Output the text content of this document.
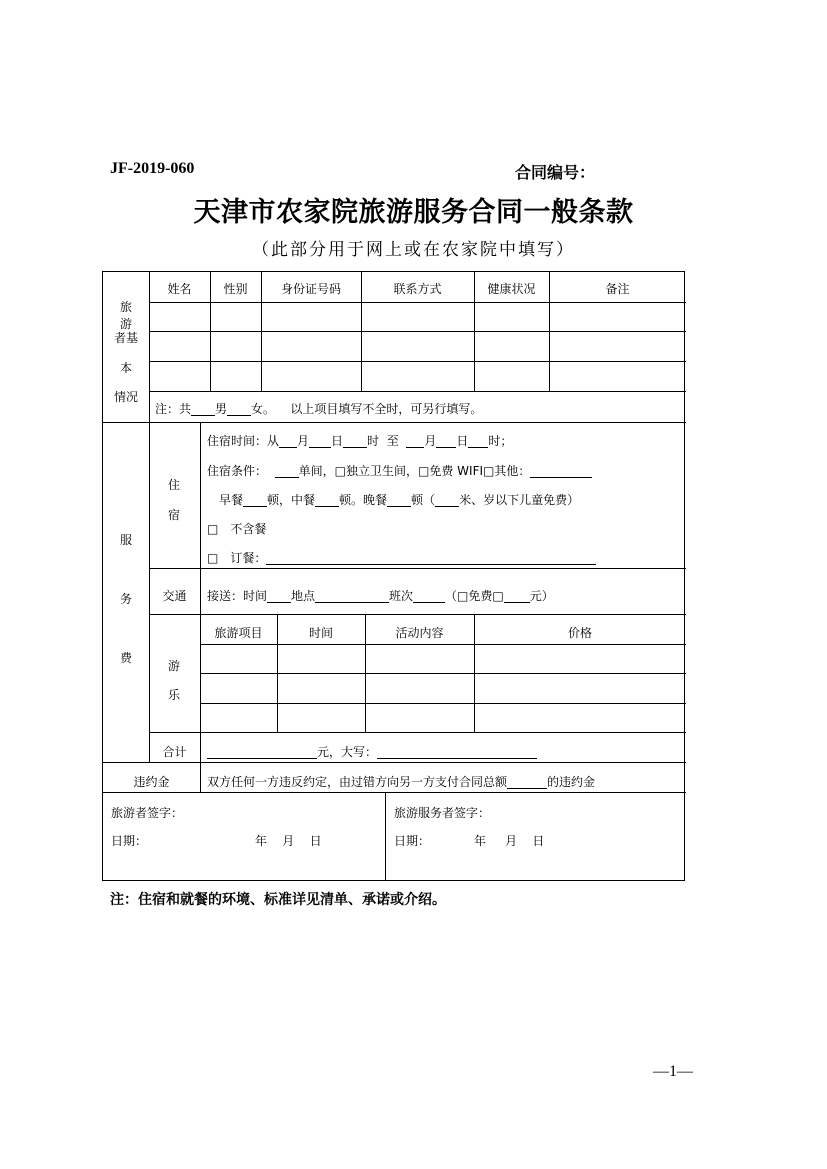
JF-2019-060	合同编号：
天津市农家院旅游服务合同一般条款
（此部分用于网上或在农家院中填写）
旅游
者基
本
情况
姓名	性别	身份证号码	联系方式	健康状况	备注
注：共 男 女。 以上项目填写不全时，可另行填写。
服
务
费
住
宿
住宿时间：从 月 日 时 至 月 日 时；
住宿条件：	单间，□独立卫生间，□免费 WIFI□其他：
早餐 顿，中餐 顿。晚餐 顿（ 米、岁以下儿童免费）
□　不含餐
□　订餐：
交通	接送：时间 地点	班次	（□免费□ 元）
游
乐
旅游项目	时间	活动内容	价格
合计	元，大写：
违约金	双方任何一方违反约定，由过错方向另一方支付合同总额	的违约金
旅游者签字：
日期：	年 月 日
旅游服务者签字：
日期：	年 月 日
注：住宿和就餐的环境、标准详见清单、承诺或介绍。
—1—
